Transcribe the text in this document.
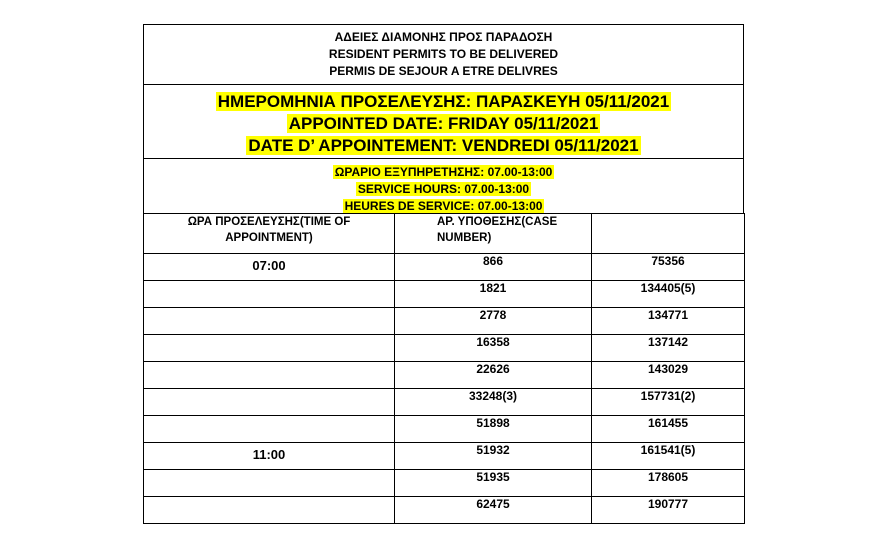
ΑΔΕΙΕΣ ΔΙΑΜΟΝΗΣ ΠΡΟΣ ΠΑΡΑΔΟΣΗ
RESIDENT PERMITS TO BE DELIVERED
PERMIS DE SEJOUR A ETRE DELIVRES
ΗΜΕΡΟΜΗΝΙΑ ΠΡΟΣΕΛΕΥΣΗΣ: ΠΑΡΑΣΚΕΥΗ 05/11/2021
APPOINTED DATE: FRIDAY 05/11/2021
DATE D’ APPOINTEMENT: VENDREDI 05/11/2021
ΩΡΑΡΙΟ ΕΞΥΠΗΡΕΤΗΣΗΣ: 07.00-13:00
SERVICE HOURS: 07.00-13:00
HEURES DE SERVICE: 07.00-13:00
ΩΡΑ ΠΡΟΣΕΛΕΥΣΗΣ(TIME OF
APPOINTMENT)	ΑΡ. ΥΠΟΘΕΣΗΣ(CASE
NUMBER)	

07:00	866	75356
	1821	134405(5)
	2778	134771
	16358	137142
	22626	143029
	33248(3)	157731(2)
	51898	161455
11:00	51932	161541(5)
	51935	178605
	62475	190777
